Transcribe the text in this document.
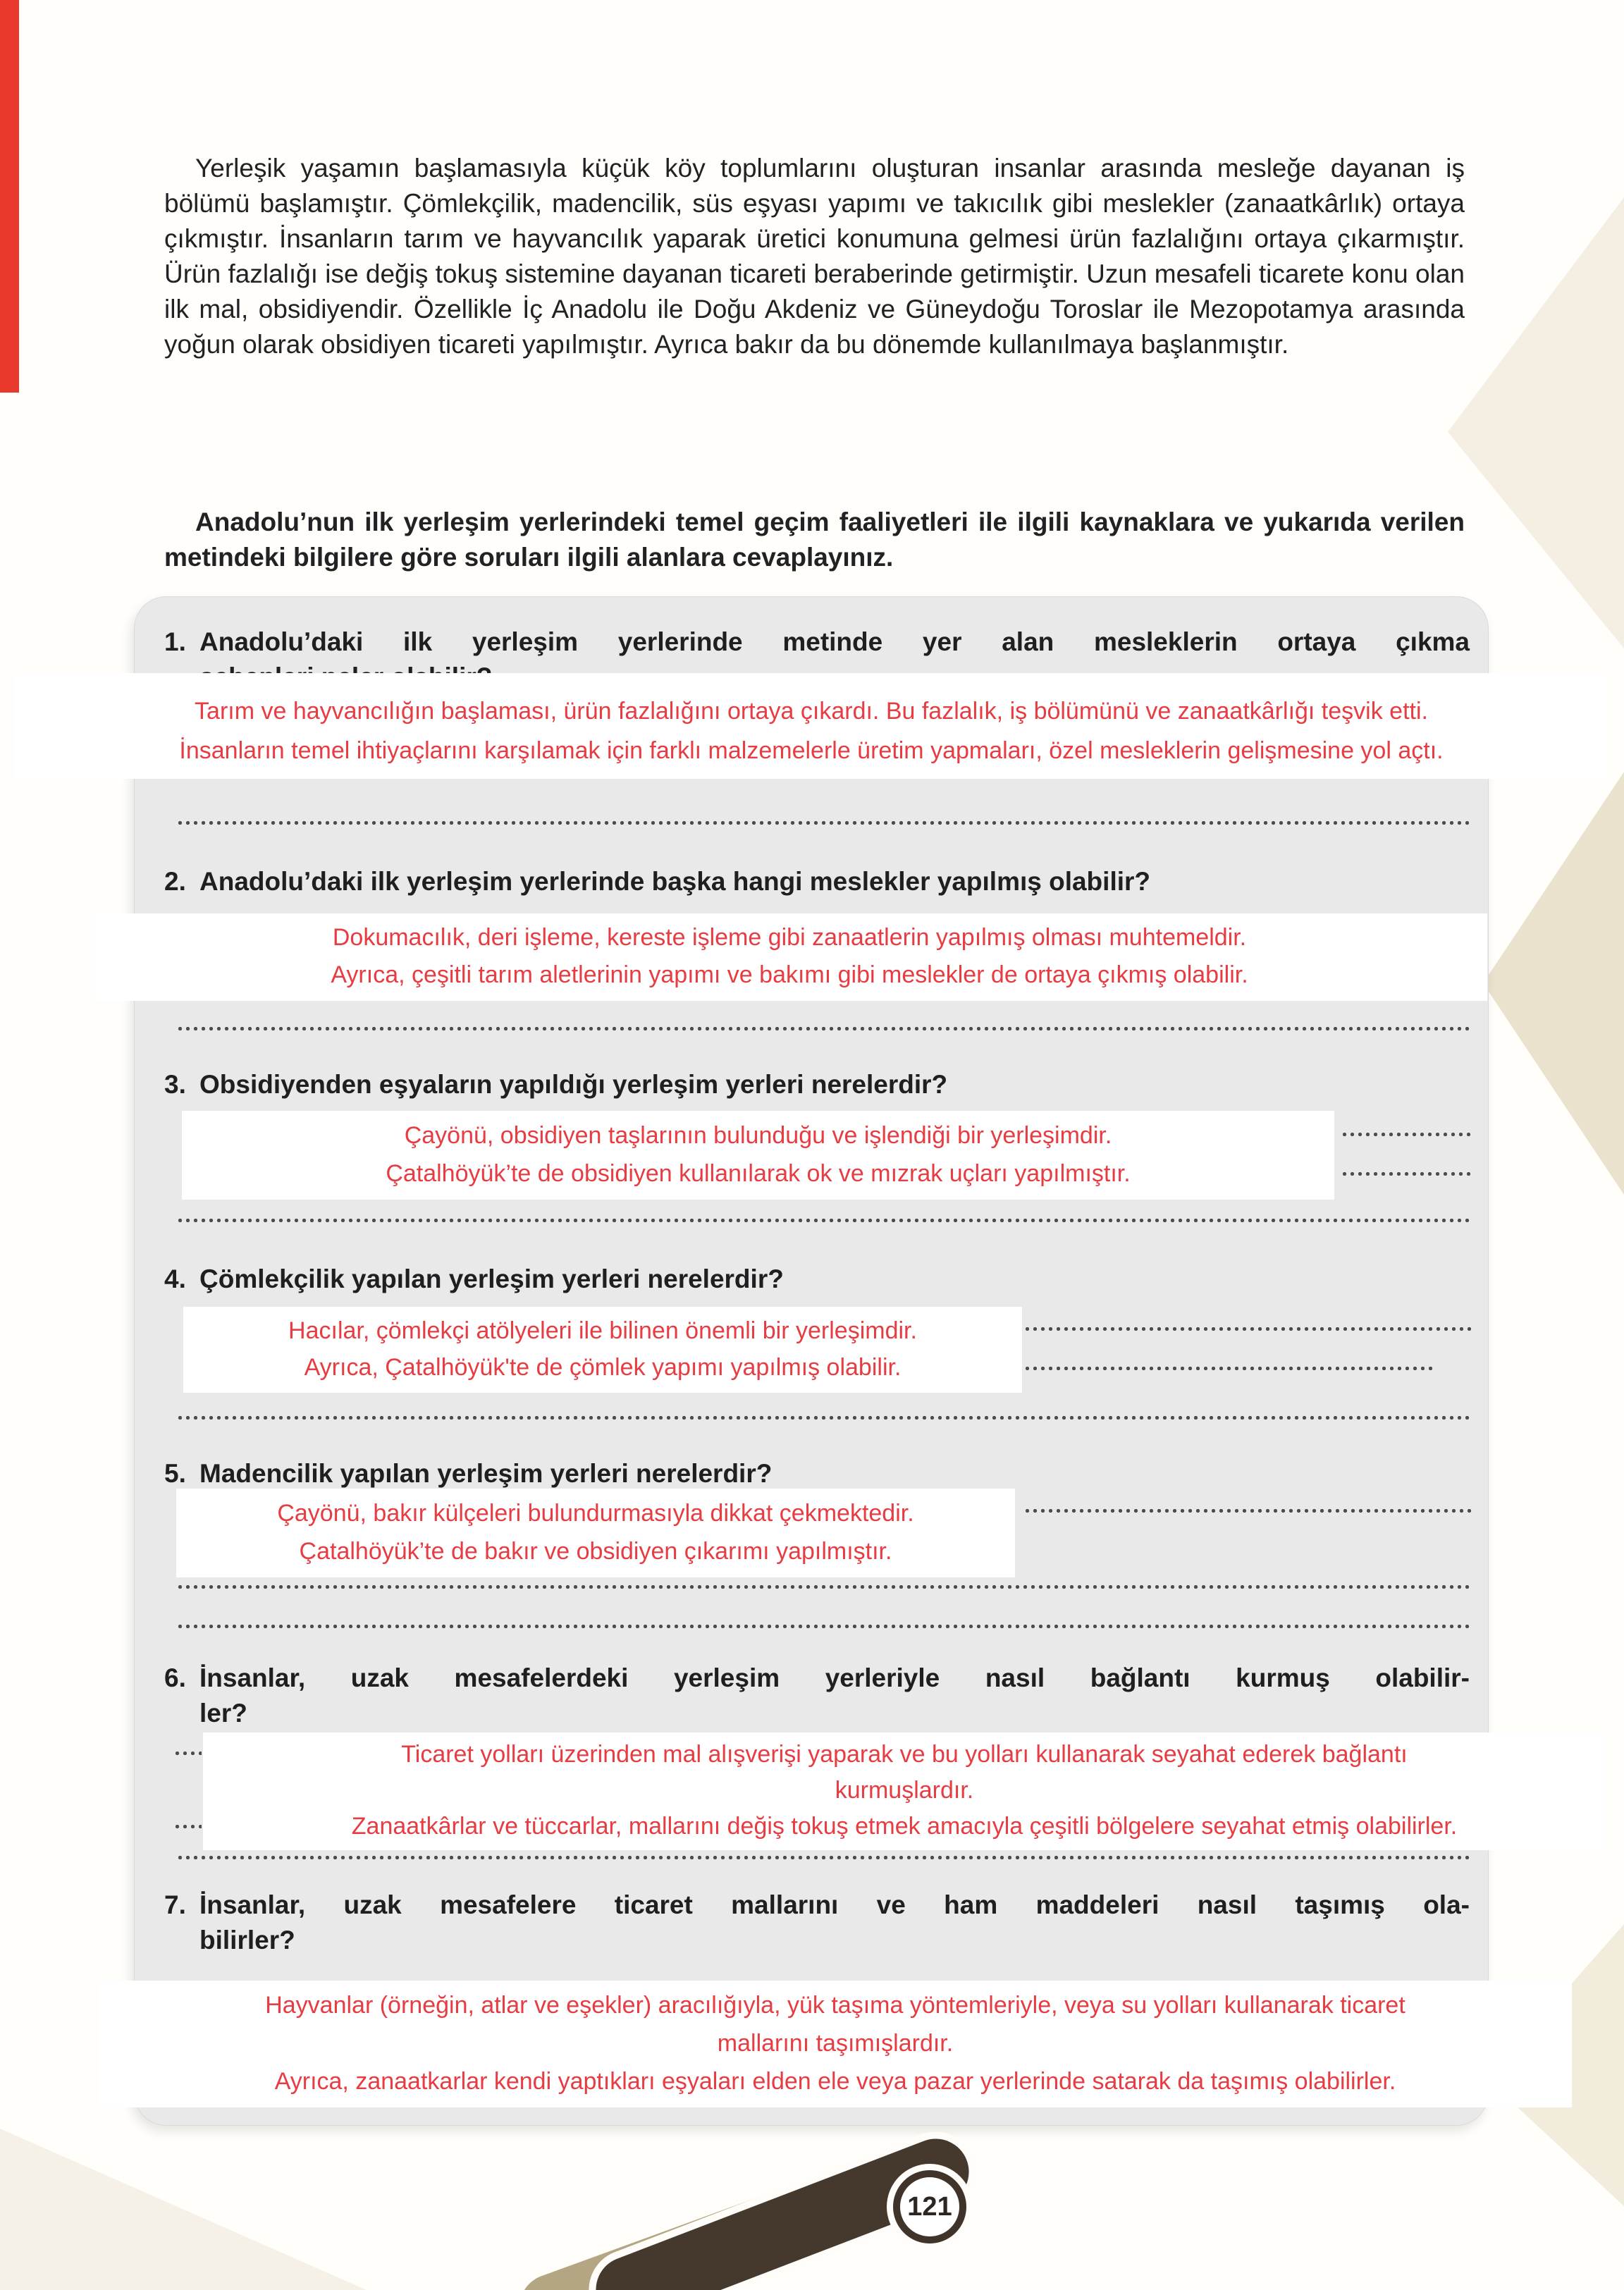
Yerleşik yaşamın başlamasıyla küçük köy toplumlarını oluşturan insanlar arasında mesleğe dayanan iş bölümü başlamıştır. Çömlekçilik, madencilik, süs eşyası yapımı ve takıcılık gibi meslekler (zanaatkârlık) ortaya çıkmıştır. İnsanların tarım ve hayvancılık yaparak üretici konumuna gelmesi ürün fazlalığını ortaya çıkarmıştır. Ürün fazlalığı ise değiş tokuş sistemine dayanan ticareti beraberinde getirmiştir. Uzun mesafeli ticarete konu olan ilk mal, obsidiyendir. Özellikle İç Anadolu ile Doğu Akdeniz ve Güneydoğu Toroslar ile Mezopotamya arasında yoğun olarak obsidiyen ticareti yapılmıştır. Ayrıca bakır da bu dönemde kullanılmaya başlanmıştır.
Anadolu’nun ilk yerleşim yerlerindeki temel geçim faaliyetleri ile ilgili kaynaklara ve yukarıda verilen metindeki bilgilere göre soruları ilgili alanlara cevaplayınız.
1. Anadolu’daki ilk yerleşim yerlerinde metinde yer alan mesleklerin ortaya çıkma
2. Anadolu’daki ilk yerleşim yerlerinde başka hangi meslekler yapılmış olabilir?
3. Obsidiyenden eşyaların yapıldığı yerleşim yerleri nerelerdir?
4. Çömlekçilik yapılan yerleşim yerleri nerelerdir?
5. Madencilik yapılan yerleşim yerleri nerelerdir?
6. İnsanlar, uzak mesafelerdeki yerleşim yerleriyle nasıl bağlantı kurmuş olabilir-
ler?
7. İnsanlar, uzak mesafelere ticaret mallarını ve ham maddeleri nasıl taşımış ola-
bilirler?
Tarım ve hayvancılığın başlaması, ürün fazlalığını ortaya çıkardı. Bu fazlalık, iş bölümünü ve zanaatkârlığı teşvik etti.
İnsanların temel ihtiyaçlarını karşılamak için farklı malzemelerle üretim yapmaları, özel mesleklerin gelişmesine yol açtı.
Dokumacılık, deri işleme, kereste işleme gibi zanaatlerin yapılmış olması muhtemeldir.
Ayrıca, çeşitli tarım aletlerinin yapımı ve bakımı gibi meslekler de ortaya çıkmış olabilir.
Çayönü, obsidiyen taşlarının bulunduğu ve işlendiği bir yerleşimdir.
Çatalhöyük’te de obsidiyen kullanılarak ok ve mızrak uçları yapılmıştır.
Hacılar, çömlekçi atölyeleri ile bilinen önemli bir yerleşimdir.
Ayrıca, Çatalhöyük'te de çömlek yapımı yapılmış olabilir.
Çayönü, bakır külçeleri bulundurmasıyla dikkat çekmektedir.
Çatalhöyük’te de bakır ve obsidiyen çıkarımı yapılmıştır.
Ticaret yolları üzerinden mal alışverişi yaparak ve bu yolları kullanarak seyahat ederek bağlantı
kurmuşlardır.
Zanaatkârlar ve tüccarlar, mallarını değiş tokuş etmek amacıyla çeşitli bölgelere seyahat etmiş olabilirler.
Hayvanlar (örneğin, atlar ve eşekler) aracılığıyla, yük taşıma yöntemleriyle, veya su yolları kullanarak ticaret
mallarını taşımışlardır.
Ayrıca, zanaatkarlar kendi yaptıkları eşyaları elden ele veya pazar yerlerinde satarak da taşımış olabilirler.
121
